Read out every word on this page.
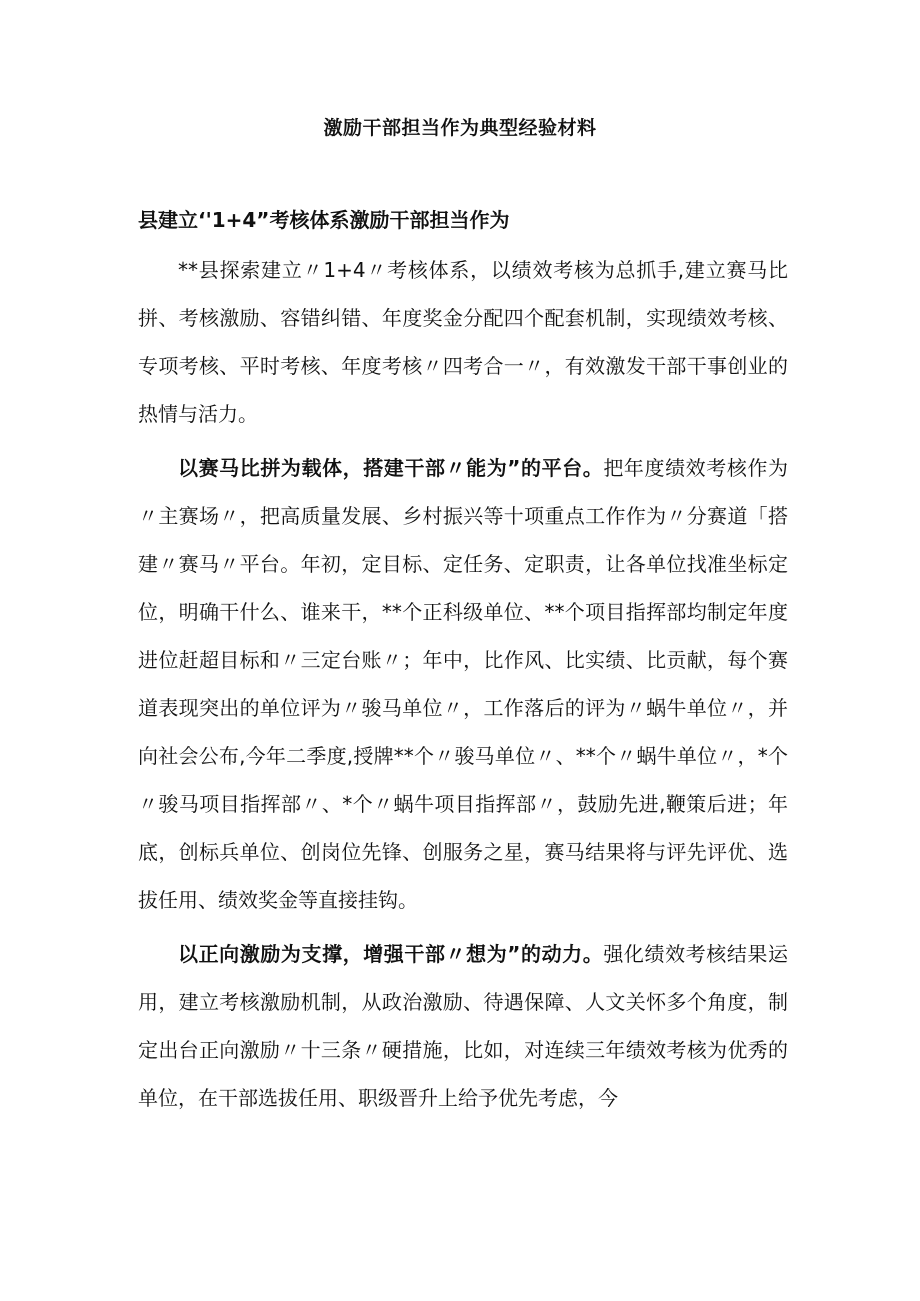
激励干部担当作为典型经验材料
县建立‘'1+4”考核体系激励干部担当作为

**县探索建立〃1+4〃考核体系，以绩效考核为总抓手,建立赛马比拼、考核激励、容错纠错、年度奖金分配四个配套机制，实现绩效考核、专项考核、平时考核、年度考核〃四考合一〃，有效激发干部干事创业的热情与活力。

以赛马比拼为载体，搭建干部〃能为”的平台。把年度绩效考核作为〃主赛场〃，把高质量发展、乡村振兴等十项重点工作作为〃分赛道「搭建〃赛马〃平台。年初，定目标、定任务、定职责，让各单位找准坐标定位，明确干什么、谁来干，**个正科级单位、**个项目指挥部均制定年度进位赶超目标和〃三定台账〃；年中，比作风、比实绩、比贡献，每个赛道表现突出的单位评为〃骏马单位〃，工作落后的评为〃蜗牛单位〃，并向社会公布,今年二季度,授牌**个〃骏马单位〃、**个〃蜗牛单位〃，*个〃骏马项目指挥部〃、*个〃蜗牛项目指挥部〃，鼓励先进,鞭策后进；年底，创标兵单位、创岗位先锋、创服务之星，赛马结果将与评先评优、选拔任用、绩效奖金等直接挂钩。

以正向激励为支撑，增强干部〃想为”的动力。强化绩效考核结果运用，建立考核激励机制，从政治激励、待遇保障、人文关怀多个角度，制定出台正向激励〃十三条〃硬措施，比如，对连续三年绩效考核为优秀的单位，在干部选拔任用、职级晋升上给予优先考虑，今
